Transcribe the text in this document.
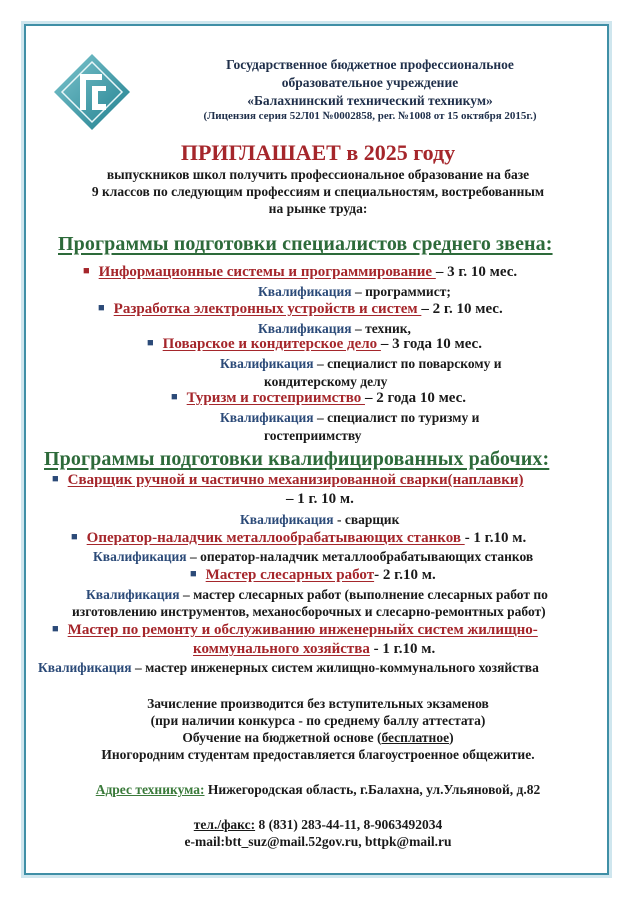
Государственное бюджетное профессиональное
образовательное учреждение
«Балахнинский технический техникум»
(Лицензия серия 52Л01 №0002858, рег. №1008 от 15 октября 2015г.)
ПРИГЛАШАЕТ в 2025 году
выпускников школ получить профессиональное образование на базе
9 классов по следующим профессиям и специальностям, востребованным
на рынке труда:
Программы подготовки специалистов среднего звена:
■ Информационные системы и программирование – 3 г. 10 мес.
Квалификация – программист;
■ Разработка электронных устройств и систем – 2 г. 10 мес.
Квалификация – техник,
■ Поварское и кондитерское дело – 3 года 10 мес.
Квалификация – специалист по поварскому и
кондитерскому делу
■ Туризм и гостеприимство – 2 года 10 мес.
Квалификация – специалист по туризму и
гостеприимству
Программы подготовки квалифицированных рабочих:
■ Сварщик ручной и частично механизированной сварки(наплавки)
– 1 г. 10 м.
Квалификация - сварщик
■ Оператор-наладчик металлообрабатывающих станков - 1 г.10 м.
Квалификация – оператор-наладчик металлообрабатывающих станков
■ Мастер слесарных работ- 2 г.10 м.
Квалификация – мастер слесарных работ (выполнение слесарных работ по
изготовлению инструментов, механосборочных и слесарно-ремонтных работ)
■ Мастер по ремонту и обслуживанию инженерныйх систем жилищно-
коммунального хозяйства - 1 г.10 м.
Квалификация – мастер инженерных систем жилищно-коммунального хозяйства
Зачисление производится без вступительных экзаменов
(при наличии конкурса - по среднему баллу аттестата)
Обучение на бюджетной основе (бесплатное)
Иногородним студентам предоставляется благоустроенное общежитие.
Адрес техникума: Нижегородская область, г.Балахна, ул.Ульяновой, д.82
тел./факс: 8 (831) 283-44-11, 8-9063492034
e-mail:btt_suz@mail.52gov.ru, bttpk@mail.ru
